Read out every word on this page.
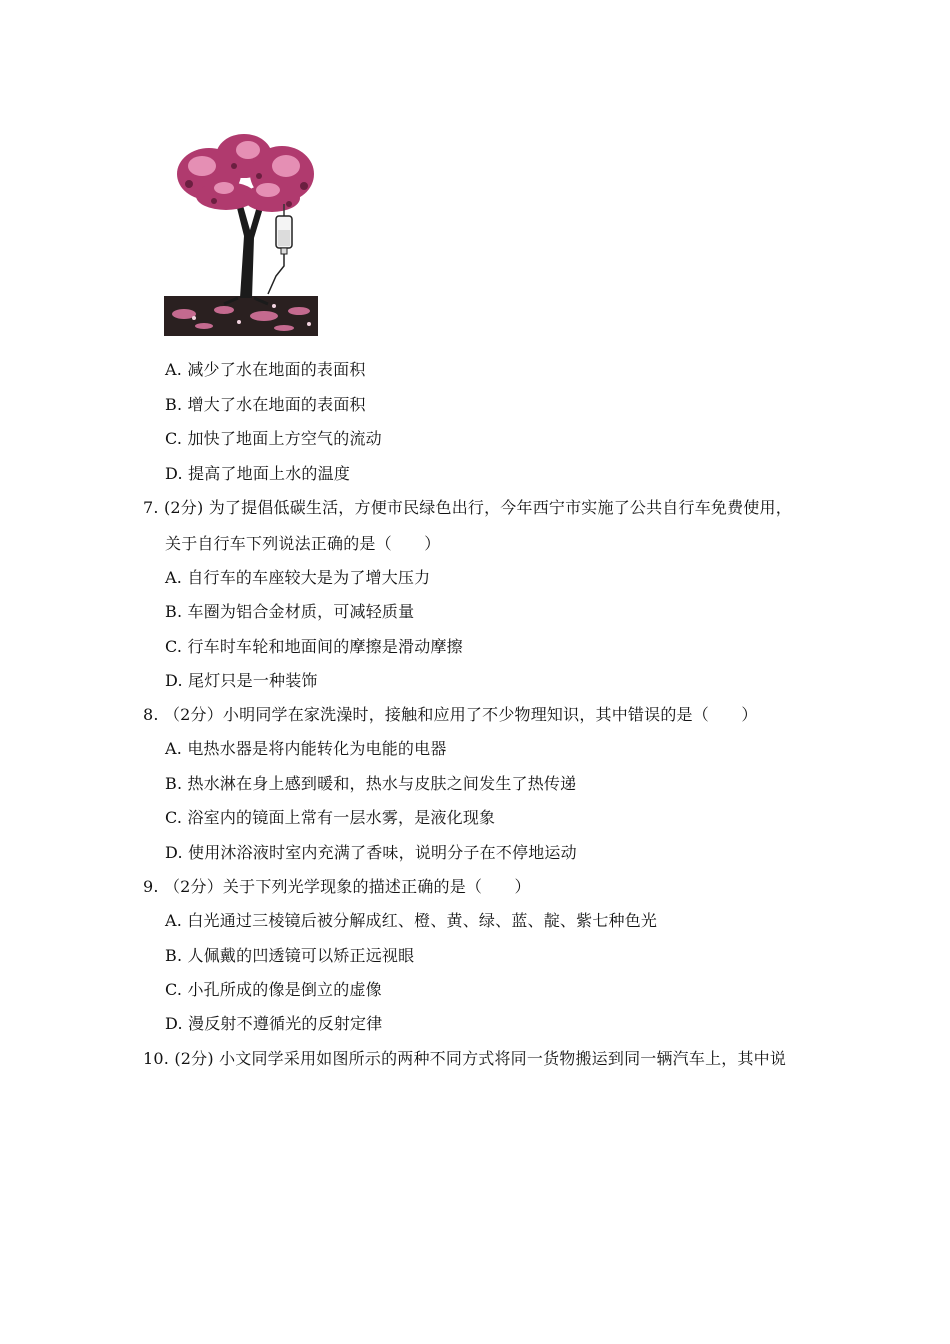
A. 减少了水在地面的表面积
B. 增大了水在地面的表面积
C. 加快了地面上方空气的流动
D. 提高了地面上水的温度
7. (2分) 为了提倡低碳生活，方便市民绿色出行，今年西宁市实施了公共自行车免费使用，
关于自行车下列说法正确的是（　　）
A. 自行车的车座较大是为了增大压力
B. 车圈为铝合金材质，可减轻质量
C. 行车时车轮和地面间的摩擦是滑动摩擦
D. 尾灯只是一种装饰
8. （2分）小明同学在家洗澡时，接触和应用了不少物理知识，其中错误的是（　　）
A. 电热水器是将内能转化为电能的电器
B. 热水淋在身上感到暖和，热水与皮肤之间发生了热传递
C. 浴室内的镜面上常有一层水雾，是液化现象
D. 使用沐浴液时室内充满了香味，说明分子在不停地运动
9. （2分）关于下列光学现象的描述正确的是（　　）
A. 白光通过三棱镜后被分解成红、橙、黄、绿、蓝、靛、紫七种色光
B. 人佩戴的凹透镜可以矫正远视眼
C. 小孔所成的像是倒立的虚像
D. 漫反射不遵循光的反射定律
10. (2分) 小文同学采用如图所示的两种不同方式将同一货物搬运到同一辆汽车上，其中说
